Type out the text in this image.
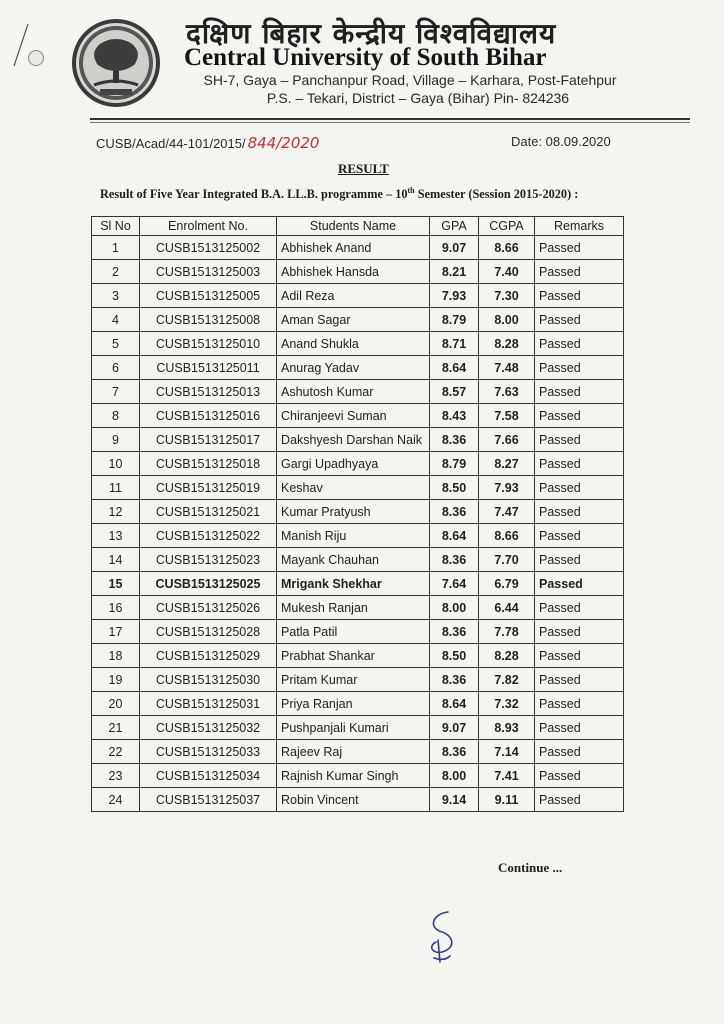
दक्षिण बिहार केन्द्रीय विश्वविद्यालय
Central University of South Bihar
SH-7, Gaya – Panchanpur Road, Village – Karhara, Post-Fatehpur
P.S. – Tekari, District – Gaya (Bihar) Pin- 824236
CUSB/Acad/44-101/2015/ 844/2020	Date: 08.09.2020
RESULT
Result of Five Year Integrated B.A. LL.B. programme – 10th Semester (Session 2015-2020) :
Sl No	Enrolment No.	Students Name	GPA	CGPA	Remarks
1	CUSB1513125002	Abhishek Anand	9.07	8.66	Passed
2	CUSB1513125003	Abhishek Hansda	8.21	7.40	Passed
3	CUSB1513125005	Adil Reza	7.93	7.30	Passed
4	CUSB1513125008	Aman Sagar	8.79	8.00	Passed
5	CUSB1513125010	Anand Shukla	8.71	8.28	Passed
6	CUSB1513125011	Anurag Yadav	8.64	7.48	Passed
7	CUSB1513125013	Ashutosh Kumar	8.57	7.63	Passed
8	CUSB1513125016	Chiranjeevi Suman	8.43	7.58	Passed
9	CUSB1513125017	Dakshyesh Darshan Naik	8.36	7.66	Passed
10	CUSB1513125018	Gargi Upadhyaya	8.79	8.27	Passed
11	CUSB1513125019	Keshav	8.50	7.93	Passed
12	CUSB1513125021	Kumar Pratyush	8.36	7.47	Passed
13	CUSB1513125022	Manish Riju	8.64	8.66	Passed
14	CUSB1513125023	Mayank Chauhan	8.36	7.70	Passed
15	CUSB1513125025	Mrigank Shekhar	7.64	6.79	Passed
16	CUSB1513125026	Mukesh Ranjan	8.00	6.44	Passed
17	CUSB1513125028	Patla Patil	8.36	7.78	Passed
18	CUSB1513125029	Prabhat Shankar	8.50	8.28	Passed
19	CUSB1513125030	Pritam Kumar	8.36	7.82	Passed
20	CUSB1513125031	Priya Ranjan	8.64	7.32	Passed
21	CUSB1513125032	Pushpanjali Kumari	9.07	8.93	Passed
22	CUSB1513125033	Rajeev Raj	8.36	7.14	Passed
23	CUSB1513125034	Rajnish Kumar Singh	8.00	7.41	Passed
24	CUSB1513125037	Robin Vincent	9.14	9.11	Passed
Continue ...
